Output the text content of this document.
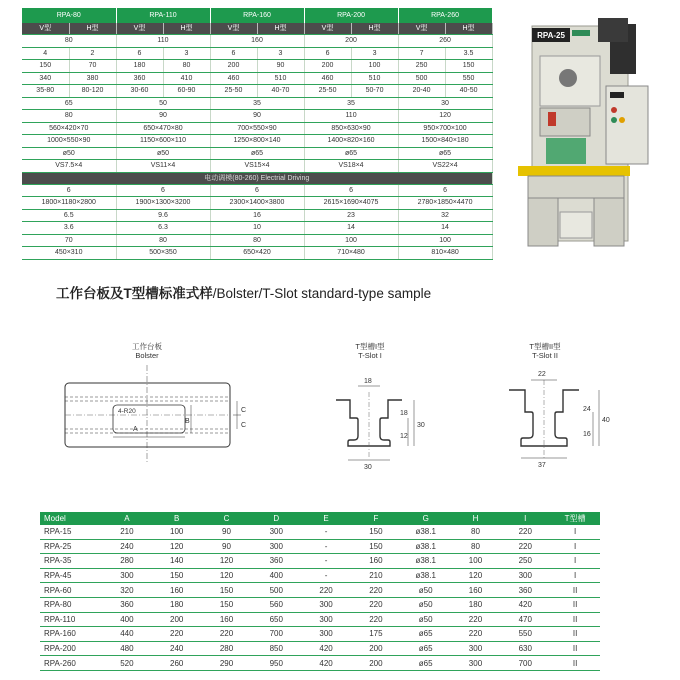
RPA-80		RPA-110		RPA-160		RPA-200		RPA-260	
V型	H型	V型	H型	V型	H型	V型	H型	V型	H型
80		110		160		200		260	
4	2	6	3	6	3	6	3	7	3.5
150	70	180	80	200	90	200	100	250	150
340	380	360	410	460	510	460	510	500	550
35-80	80-120	30-60	60-90	25-50	40-70	25-50	50-70	20-40	40-50
65		50		35		35		30	
80		90		90		110		120	
560×420×70		650×470×80		700×550×90		850×630×90		950×700×100	
1000×550×90		1150×600×110		1250×800×140		1400×820×160		1500×840×180	
ø50		ø50		ø65		ø65		ø65	
VS7.5×4		VS11×4		VS15×4		VS18×4		VS22×4	
电动调模(80-260) Electrial Driving									
6		6		6		6		6	
1800×1180×2800		1900×1300×3200		2300×1400×3800		2615×1690×4075		2780×1850×4470	
6.5		9.6		16		23		32	
3.6		6.3		10		14		14	
70		80		80		100		100	
450×310		500×350		650×420		710×480		810×480	
RPA-25
工作台板及T型槽标准式样/Bolster/T-Slot standard-type sample
工作台板
Bolster
4-R20
A
B
C
C
T型槽I型
T-Slot I
18
30
18
12
30
T型槽II型
T-Slot II
22
37
24
16
40
Model	A	B	C	D	E	F	G	H	I	T型槽
RPA-15	210	100	90	300	-	150	ø38.1	80	220	I
RPA-25	240	120	90	300	-	150	ø38.1	80	220	I
RPA-35	280	140	120	360	-	160	ø38.1	100	250	I
RPA-45	300	150	120	400	-	210	ø38.1	120	300	I
RPA-60	320	160	150	500	220	220	ø50	160	360	II
RPA-80	360	180	150	560	300	220	ø50	180	420	II
RPA-110	400	200	160	650	300	220	ø50	220	470	II
RPA-160	440	220	220	700	300	175	ø65	220	550	II
RPA-200	480	240	280	850	420	200	ø65	300	630	II
RPA-260	520	260	290	950	420	200	ø65	300	700	II
